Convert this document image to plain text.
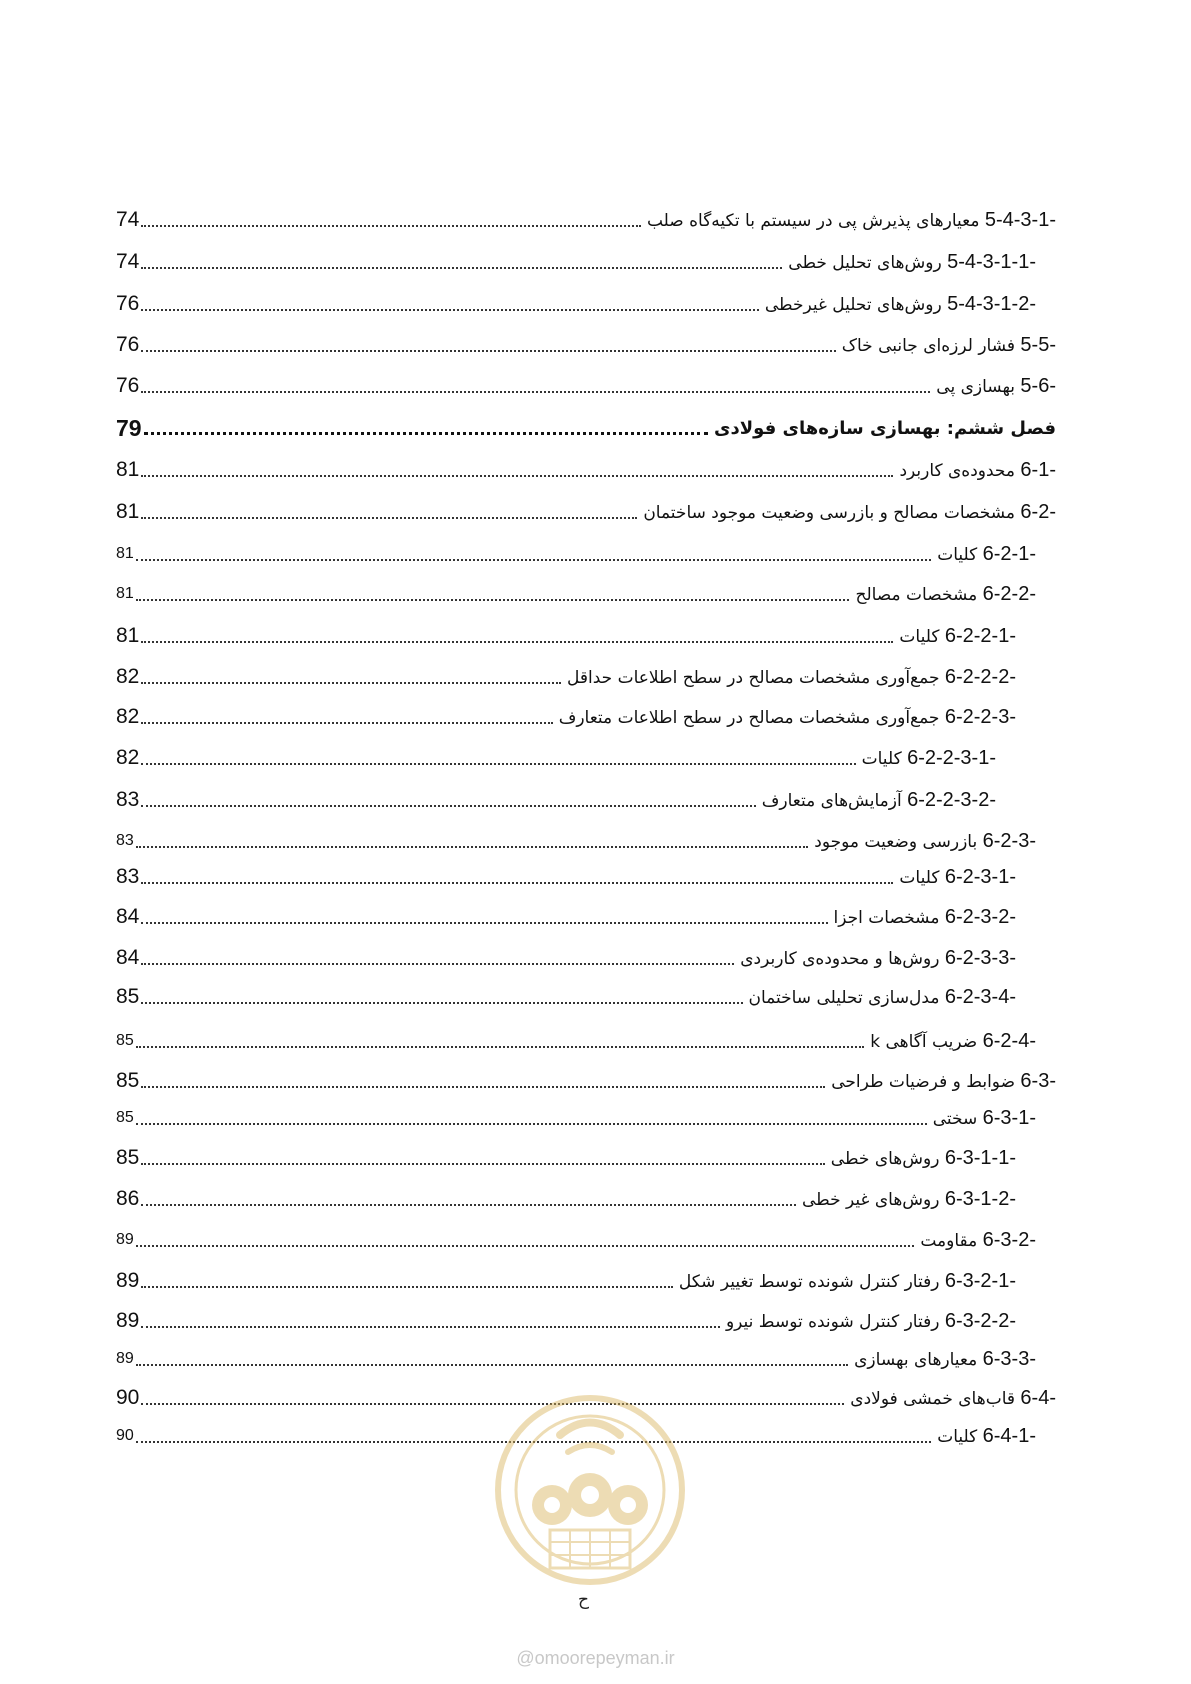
74	5-4-3-1- معیارهای پذیرش پی در سیستم با تکیه‌گاه صلب
74	5-4-3-1-1- روش‌های تحلیل خطی
76	5-4-3-1-2- روش‌های تحلیل غیرخطی
76	5-5- فشار لرزه‌ای جانبی خاک
76	5-6- بهسازی پی
79	فصل ششم: بهسازی سازه‌های فولادی
81	6-1- محدوده‌ی کاربرد
81	6-2- مشخصات مصالح و بازرسی وضعیت موجود ساختمان
81	6-2-1- کلیات
81	6-2-2- مشخصات مصالح
81	6-2-2-1- کلیات
82	6-2-2-2- جمع‌آوری مشخصات مصالح در سطح اطلاعات حداقل
82	6-2-2-3- جمع‌آوری مشخصات مصالح در سطح اطلاعات متعارف
82	6-2-2-3-1- کلیات
83	6-2-2-3-2- آزمایش‌های متعارف
83	6-2-3- بازرسی وضعیت موجود
83	6-2-3-1- کلیات
84	6-2-3-2- مشخصات اجزا
84	6-2-3-3- روش‌ها و محدوده‌ی کاربردی
85	6-2-3-4- مدل‌سازی تحلیلی ساختمان
85	6-2-4- ضریب آگاهی k
85	6-3- ضوابط و فرضیات طراحی
85	6-3-1- سختی
85	6-3-1-1- روش‌های خطی
86	6-3-1-2- روش‌های غیر خطی
89	6-3-2- مقاومت
89	6-3-2-1- رفتار کنترل شونده توسط تغییر شکل
89	6-3-2-2- رفتار کنترل شونده توسط نیرو
89	6-3-3- معیارهای بهسازی
90	6-4- قاب‌های خمشی فولادی
90	6-4-1- کلیات
ح
@omoorepeyman.ir
